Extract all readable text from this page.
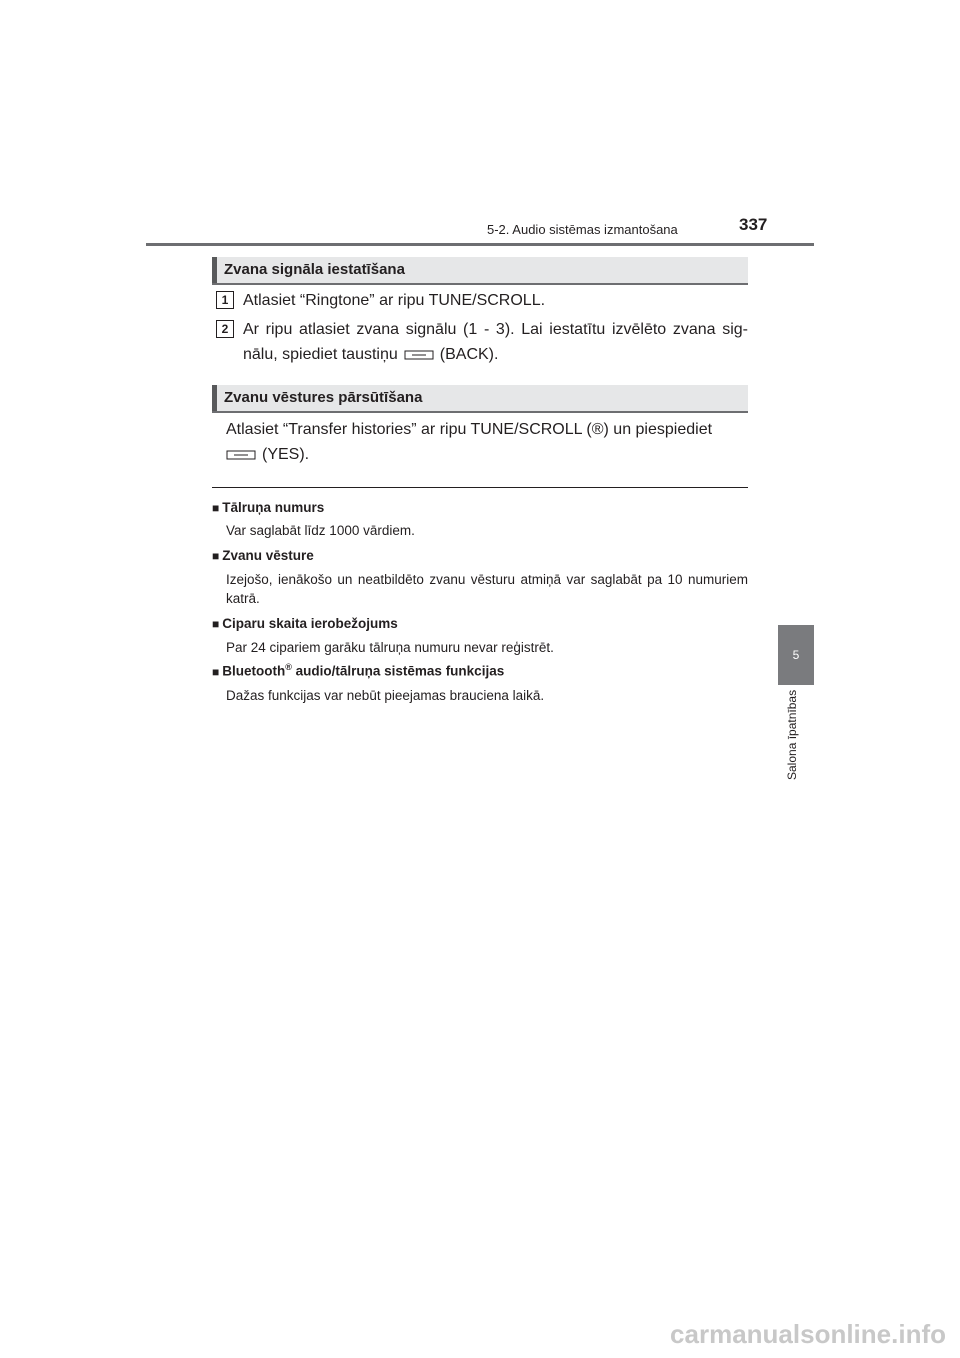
5-2. Audio sistēmas izmantošana	337
5
Salona īpatnības
Zvana signāla iestatīšana
1 Atlasiet “Ringtone” ar ripu TUNE/SCROLL.
2 Ar ripu atlasiet zvana signālu (1 - 3). Lai iestatītu izvēlēto zvana sig-nālu, spiediet taustiņu	(BACK).
Zvanu vēstures pārsūtīšana
Atlasiet “Transfer histories” ar ripu TUNE/SCROLL (®) un piespiediet

(YES).
■ Tālruņa numurs
Var saglabāt līdz 1000 vārdiem.
■ Zvanu vēsture
Izejošo, ienākošo un neatbildēto zvanu vēsturu atmiņā var saglabāt pa 10 numuriem katrā.
■ Ciparu skaita ierobežojums
Par 24 cipariem garāku tālruņa numuru nevar reģistrēt.
■ Bluetooth® audio/tālruņa sistēmas funkcijas
Dažas funkcijas var nebūt pieejamas brauciena laikā.
carmanualsonline.info
